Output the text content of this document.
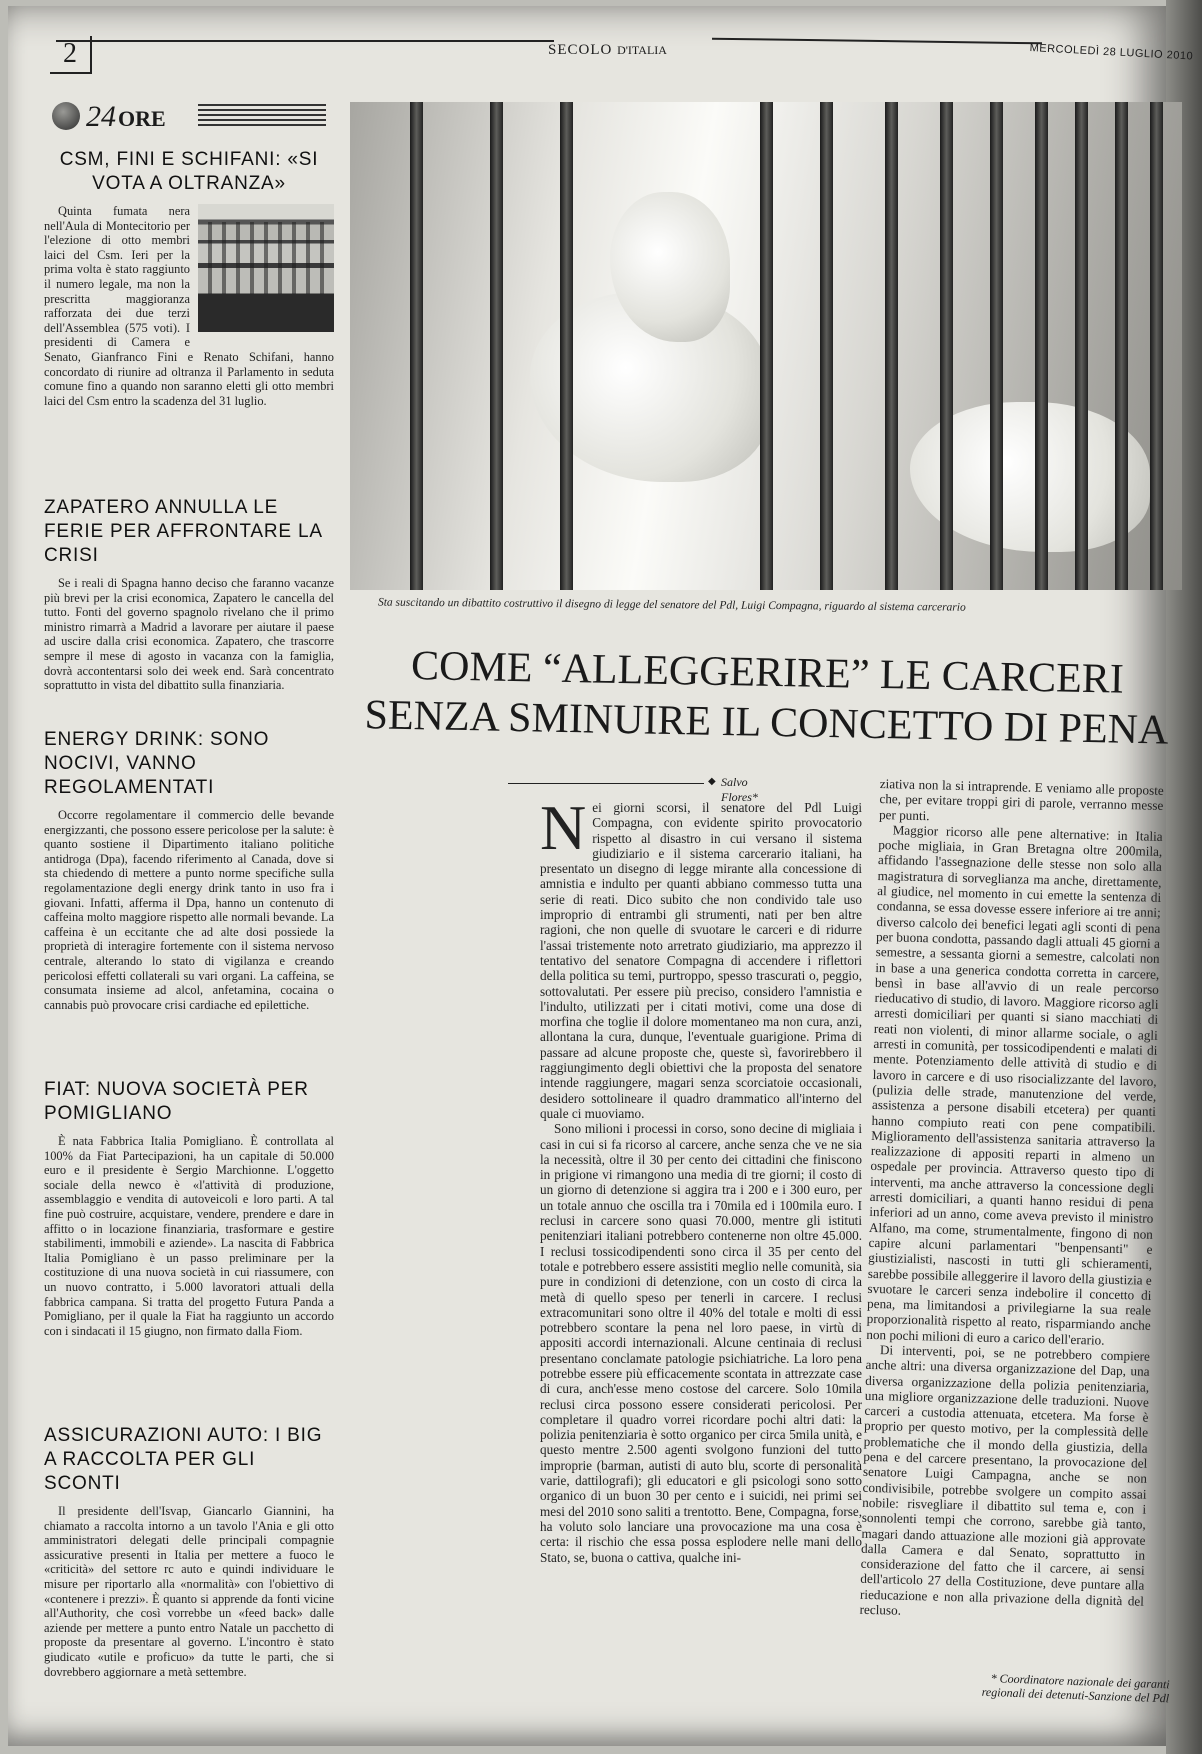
2	SECOLO D'ITALIA	MERCOLEDÌ 28 LUGLIO 2010
24ORE
CSM, FINI E SCHIFANI: «SI VOTA A OLTRANZA»
Quinta fumata nera nell'Aula di Montecitorio per l'elezione di otto membri laici del Csm. Ieri per la prima volta è stato raggiunto il numero legale, ma non la prescritta maggioranza rafforzata dei due terzi dell'Assemblea (575 voti). I presidenti di Camera e Senato, Gianfranco Fini e Renato Schifani, hanno concordato di riunire ad oltranza il Parlamento in seduta comune fino a quando non saranno eletti gli otto membri laici del Csm entro la scadenza del 31 luglio.
ZAPATERO ANNULLA LE FERIE PER AFFRONTARE LA CRISI
Se i reali di Spagna hanno deciso che faranno vacanze più brevi per la crisi economica, Zapatero le cancella del tutto. Fonti del governo spagnolo rivelano che il primo ministro rimarrà a Madrid a lavorare per aiutare il paese ad uscire dalla crisi economica. Zapatero, che trascorre sempre il mese di agosto in vacanza con la famiglia, dovrà accontentarsi solo dei week end. Sarà concentrato soprattutto in vista del dibattito sulla finanziaria.
ENERGY DRINK: SONO NOCIVI, VANNO REGOLAMENTATI
Occorre regolamentare il commercio delle bevande energizzanti, che possono essere pericolose per la salute: è quanto sostiene il Dipartimento italiano politiche antidroga (Dpa), facendo riferimento al Canada, dove si sta chiedendo di mettere a punto norme specifiche sulla regolamentazione degli energy drink tanto in uso fra i giovani. Infatti, afferma il Dpa, hanno un contenuto di caffeina molto maggiore rispetto alle normali bevande. La caffeina è un eccitante che ad alte dosi possiede la proprietà di interagire fortemente con il sistema nervoso centrale, alterando lo stato di vigilanza e creando pericolosi effetti collaterali su vari organi. La caffeina, se consumata insieme ad alcol, anfetamina, cocaina o cannabis può provocare crisi cardiache ed epilettiche.
FIAT: NUOVA SOCIETÀ PER POMIGLIANO
È nata Fabbrica Italia Pomigliano. È controllata al 100% da Fiat Partecipazioni, ha un capitale di 50.000 euro e il presidente è Sergio Marchionne. L'oggetto sociale della newco è «l'attività di produzione, assemblaggio e vendita di autoveicoli e loro parti. A tal fine può costruire, acquistare, vendere, prendere e dare in affitto o in locazione finanziaria, trasformare e gestire stabilimenti, immobili e aziende». La nascita di Fabbrica Italia Pomigliano è un passo preliminare per la costituzione di una nuova società in cui riassumere, con un nuovo contratto, i 5.000 lavoratori attuali della fabbrica campana. Si tratta del progetto Futura Panda a Pomigliano, per il quale la Fiat ha raggiunto un accordo con i sindacati il 15 giugno, non firmato dalla Fiom.
ASSICURAZIONI AUTO: I BIG A RACCOLTA PER GLI SCONTI
Il presidente dell'Isvap, Giancarlo Giannini, ha chiamato a raccolta intorno a un tavolo l'Ania e gli otto amministratori delegati delle principali compagnie assicurative presenti in Italia per mettere a fuoco le «criticità» del settore rc auto e quindi individuare le misure per riportarlo alla «normalità» con l'obiettivo di «contenere i prezzi». È quanto si apprende da fonti vicine all'Authority, che così vorrebbe un «feed back» dalle aziende per mettere a punto entro Natale un pacchetto di proposte da presentare al governo. L'incontro è stato giudicato «utile e proficuo» da tutte le parti, che si dovrebbero aggiornare a metà settembre.
Sta suscitando un dibattito costruttivo il disegno di legge del senatore del Pdl, Luigi Compagna, riguardo al sistema carcerario
COME “ALLEGGERIRE” LE CARCERI
SENZA SMINUIRE IL CONCETTO DI PENA
◆ Salvo Flores*
N ei giorni scorsi, il senatore del Pdl Luigi Compagna, con evidente spirito provocatorio rispetto al disastro in cui versano il sistema giudiziario e il sistema carcerario italiani, ha presentato un disegno di legge mirante alla concessione di amnistia e indulto per quanti abbiano commesso tutta una serie di reati. Dico subito che non condivido tale uso improprio di entrambi gli strumenti, nati per ben altre ragioni, che non quelle di svuotare le carceri e di ridurre l'assai tristemente noto arretrato giudiziario, ma apprezzo il tentativo del senatore Compagna di accendere i riflettori della politica su temi, purtroppo, spesso trascurati o, peggio, sottovalutati. Per essere più preciso, considero l'amnistia e l'indulto, utilizzati per i citati motivi, come una dose di morfina che toglie il dolore momentaneo ma non cura, anzi, allontana la cura, dunque, l'eventuale guarigione. Prima di passare ad alcune proposte che, queste sì, favorirebbero il raggiungimento degli obiettivi che la proposta del senatore intende raggiungere, magari senza scorciatoie occasionali, desidero sottolineare il quadro drammatico all'interno del quale ci muoviamo.

Sono milioni i processi in corso, sono decine di migliaia i casi in cui si fa ricorso al carcere, anche senza che ve ne sia la necessità, oltre il 30 per cento dei cittadini che finiscono in prigione vi rimangono una media di tre giorni; il costo di un giorno di detenzione si aggira tra i 200 e i 300 euro, per un totale annuo che oscilla tra i 70mila ed i 100mila euro. I reclusi in carcere sono quasi 70.000, mentre gli istituti penitenziari italiani potrebbero contenerne non oltre 45.000. I reclusi tossicodipendenti sono circa il 35 per cento del totale e potrebbero essere assistiti meglio nelle comunità, sia pure in condizioni di detenzione, con un costo di circa la metà di quello speso per tenerli in carcere. I reclusi extracomunitari sono oltre il 40% del totale e molti di essi potrebbero scontare la pena nel loro paese, in virtù di appositi accordi internazionali. Alcune centinaia di reclusi presentano conclamate patologie psichiatriche. La loro pena potrebbe essere più efficacemente scontata in attrezzate case di cura, anch'esse meno costose del carcere. Solo 10mila reclusi circa possono essere considerati pericolosi. Per completare il quadro vorrei ricordare pochi altri dati: la polizia penitenziaria è sotto organico per circa 5mila unità, e questo mentre 2.500 agenti svolgono funzioni del tutto improprie (barman, autisti di auto blu, scorte di personalità varie, dattilografi); gli educatori e gli psicologi sono sotto organico di un buon 30 per cento e i suicidi, nei primi sei mesi del 2010 sono saliti a trentotto. Bene, Compagna, forse, ha voluto solo lanciare una provocazione ma una cosa è certa: il rischio che essa possa esplodere nelle mani dello Stato, se, buona o cattiva, qualche ini-

ziativa non la si intraprende. E veniamo alle proposte che, per evitare troppi giri di parole, verranno messe per punti.

Maggior ricorso alle pene alternative: in Italia poche migliaia, in Gran Bretagna oltre 200mila, affidando l'assegnazione delle stesse non solo alla magistratura di sorveglianza ma anche, direttamente, al giudice, nel momento in cui emette la sentenza di condanna, se essa dovesse essere inferiore ai tre anni; diverso calcolo dei benefici legati agli sconti di pena per buona condotta, passando dagli attuali 45 giorni a semestre, a sessanta giorni a semestre, calcolati non in base a una generica condotta corretta in carcere, bensì in base all'avvio di un reale percorso rieducativo di studio, di lavoro. Maggiore ricorso agli arresti domiciliari per quanti si siano macchiati di reati non violenti, di minor allarme sociale, o agli arresti in comunità, per tossicodipendenti e malati di mente. Potenziamento delle attività di studio e di lavoro in carcere e di uso risocializzante del lavoro, (pulizia delle strade, manutenzione del verde, assistenza a persone disabili etcetera) per quanti hanno compiuto reati con pene compatibili. Miglioramento dell'assistenza sanitaria attraverso la realizzazione di appositi reparti in almeno un ospedale per provincia. Attraverso questo tipo di interventi, ma anche attraverso la concessione degli arresti domiciliari, a quanti hanno residui di pena inferiori ad un anno, come aveva previsto il ministro Alfano, ma come, strumentalmente, fingono di non capire alcuni parlamentari "benpensanti" e giustizialisti, nascosti in tutti gli schieramenti, sarebbe possibile alleggerire il lavoro della giustizia e svuotare le carceri senza indebolire il concetto di pena, ma limitandosi a privilegiarne la sua reale proporzionalità rispetto al reato, risparmiando anche non pochi milioni di euro a carico dell'erario.

Di interventi, poi, se ne potrebbero compiere anche altri: una diversa organizzazione del Dap, una diversa organizzazione della polizia penitenziaria, una migliore organizzazione delle traduzioni. Nuove carceri a custodia attenuata, etcetera. Ma forse è proprio per questo motivo, per la complessità delle problematiche che il mondo della giustizia, della pena e del carcere presentano, la provocazione del senatore Luigi Campagna, anche se non condivisibile, potrebbe svolgere un compito assai nobile: risvegliare il dibattito sul tema e, con i sonnolenti tempi che corrono, sarebbe già tanto, magari dando attuazione alle mozioni già approvate dalla Camera e dal Senato, soprattutto in considerazione del fatto che il carcere, ai sensi dell'articolo 27 della Costituzione, deve puntare alla rieducazione e non alla privazione della dignità del recluso.

* Coordinatore nazionale dei garanti regionali dei detenuti-Sanzione del Pdl
